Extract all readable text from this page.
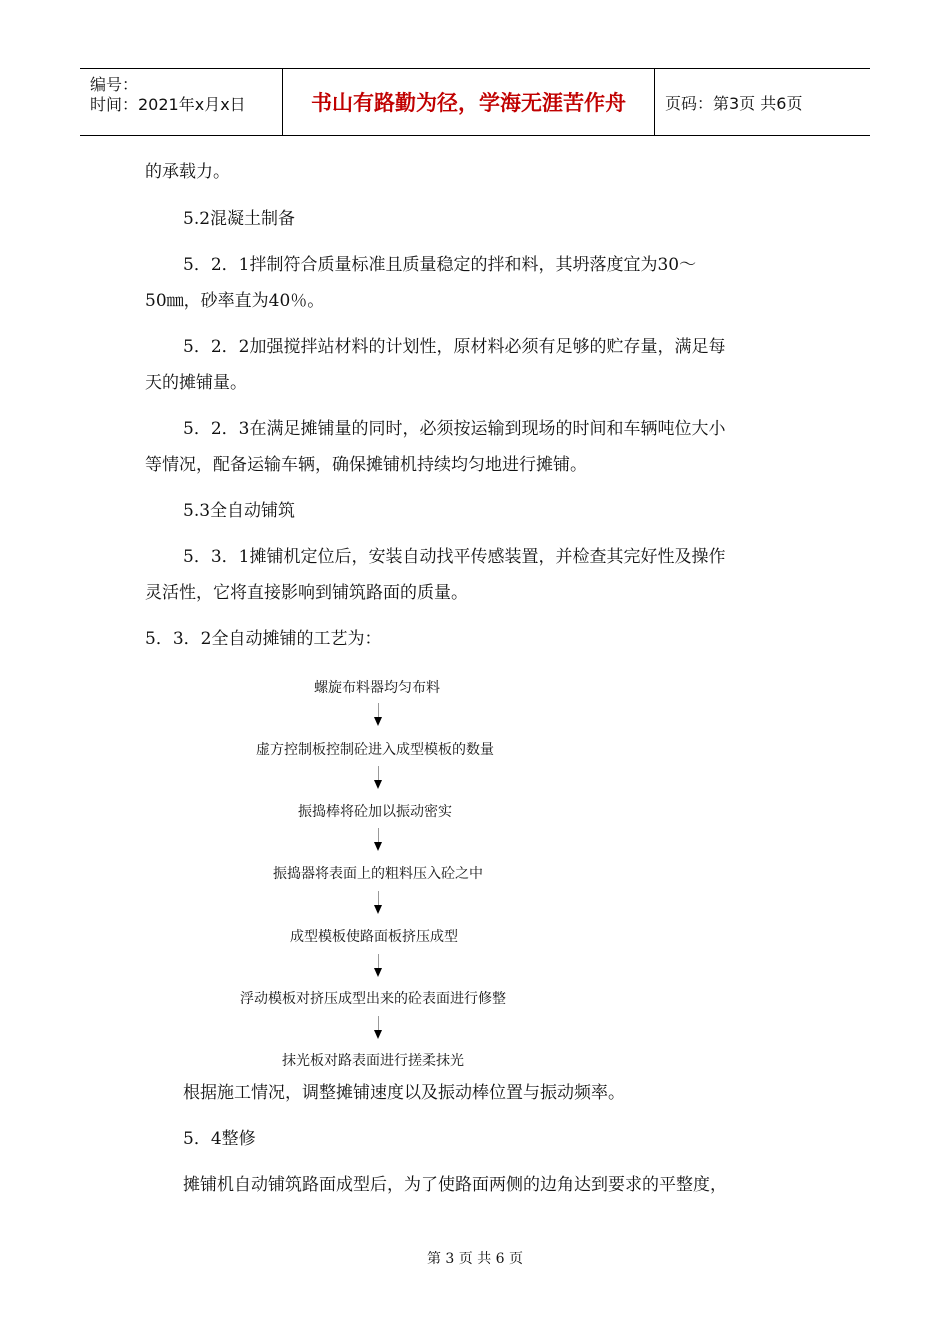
编号：
时间：2021年x月x日	书山有路勤为径，学海无涯苦作舟	页码：第3页 共6页
的承载力。
5.2混凝土制备
5．2．1拌制符合质量标准且质量稳定的拌和料，其坍落度宜为30～
50㎜，砂率直为40％。
5．2．2加强搅拌站材料的计划性，原材料必须有足够的贮存量，满足每
天的摊铺量。
5．2．3在满足摊铺量的同时，必须按运输到现场的时间和车辆吨位大小
等情况，配备运输车辆，确保摊铺机持续均匀地进行摊铺。
5.3全自动铺筑
5．3．1摊铺机定位后，安装自动找平传感装置，并检查其完好性及操作
灵活性，它将直接影响到铺筑路面的质量。
5．3．2全自动摊铺的工艺为：
螺旋布料器均匀布料
虚方控制板控制砼进入成型模板的数量
振捣棒将砼加以振动密实
振捣器将表面上的粗料压入砼之中
成型模板使路面板挤压成型
浮动模板对挤压成型出来的砼表面进行修整
抹光板对路表面进行搓柔抹光
根据施工情况，调整摊铺速度以及振动棒位置与振动频率。
5．4整修
摊铺机自动铺筑路面成型后，为了使路面两侧的边角达到要求的平整度，
第 3 页 共 6 页
